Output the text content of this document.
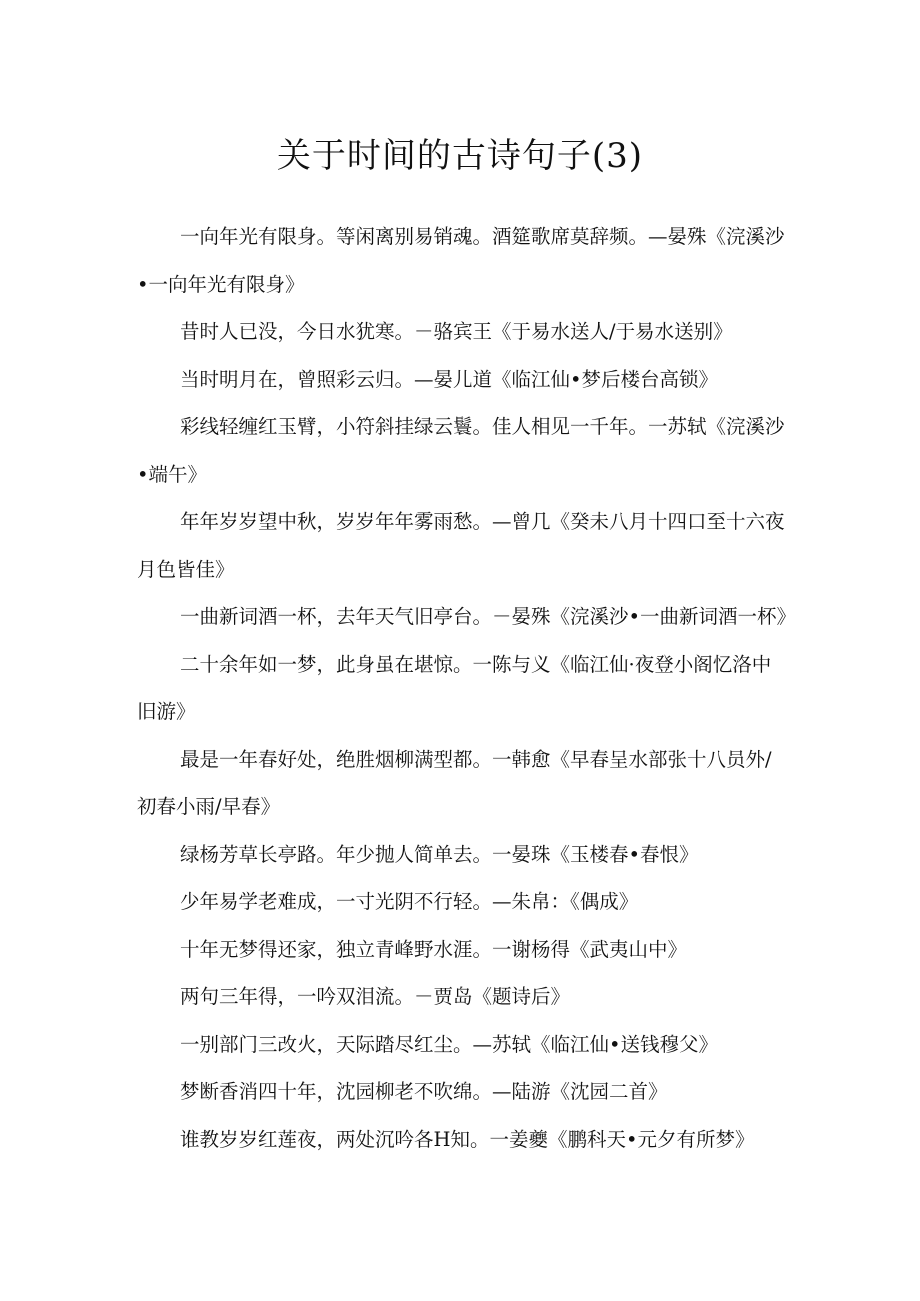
关于时间的古诗句子(3)

一向年光有限身。等闲离别易销魂。酒筵歌席莫辞频。—晏殊《浣溪沙•一向年光有限身》

昔时人已没，今日水犹寒。－骆宾王《于易水送人/于易水送别》

当时明月在，曾照彩云归。—晏儿道《临江仙•梦后楼台高锁》

彩线轻缠红玉臂，小符斜挂绿云鬟。佳人相见一千年。一苏轼《浣溪沙•端午》

年年岁岁望中秋，岁岁年年雾雨愁。—曾几《癸未八月十四口至十六夜月色皆佳》

一曲新词酒一杯，去年天气旧亭台。－晏殊《浣溪沙•一曲新词酒一杯》

二十余年如一梦，此身虽在堪惊。一陈与义《临江仙·夜登小阁忆洛中旧游》

最是一年春好处，绝胜烟柳满型都。一韩愈《早春呈水部张十八员外/初春小雨/早春》

绿杨芳草长亭路。年少抛人简单去。一晏珠《玉楼春•春恨》

少年易学老难成，一寸光阴不行轻。—朱帛：《偶成》

十年无梦得还家，独立青峰野水涯。一谢杨得《武夷山中》

两句三年得，一吟双泪流。－贾岛《题诗后》

一别部门三改火，天际踏尽红尘。—苏轼《临江仙•送钱穆父》

梦断香消四十年，沈园柳老不吹绵。—陆游《沈园二首》

谁教岁岁红莲夜，两处沉吟各H知。一姜夔《鹏科天•元夕有所梦》
